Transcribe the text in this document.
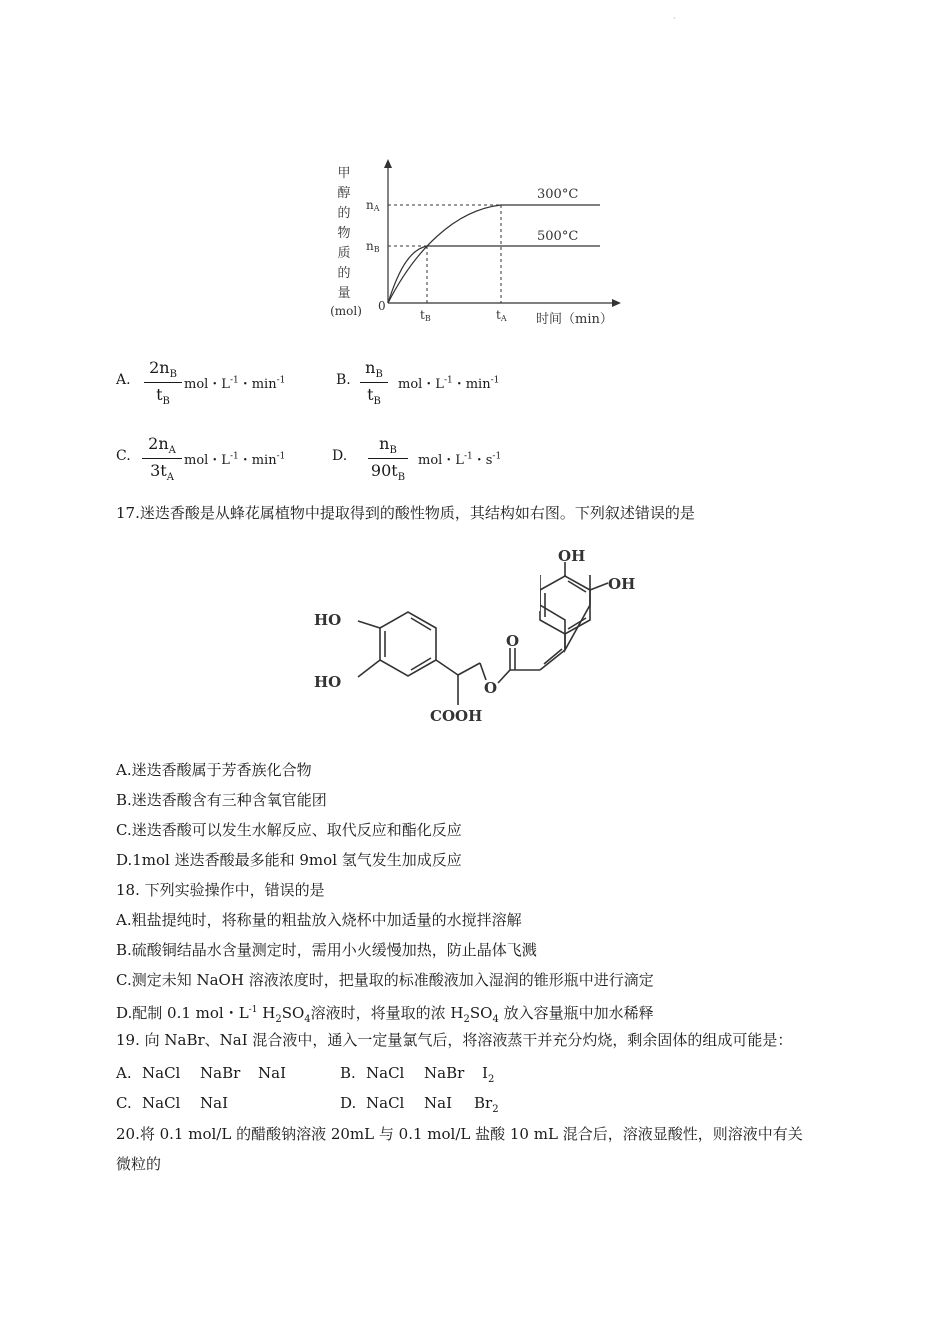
·
甲
醇
的
物
质
的
量
(mol) 0
nA
nB
300°C
500°C
tB	tA 时间（min）
A.
$2n_B$
$t_B$
mol・$L^{-1}$・$\min^{-1}$	B.
$n_B$
$t_B$
mol・$L^{-1}$・$\min^{-1}$
C.
$2n_A$
$3t_A$
mol・$L^{-1}$・$\min^{-1}$	D.
$n_B$
$90t_B$
mol・$L^{-1}$・$s^{-1}$
17.迷迭香酸是从蜂花属植物中提取得到的酸性物质，其结构如右图。下列叙述错误的是
HO
HO
COOH
O
O
OH
OH
A.迷迭香酸属于芳香族化合物
B.迷迭香酸含有三种含氧官能团
C.迷迭香酸可以发生水解反应、取代反应和酯化反应
D.1mol 迷迭香酸最多能和 9mol 氢气发生加成反应
18. 下列实验操作中，错误的是
A.粗盐提纯时，将称量的粗盐放入烧杯中加适量的水搅拌溶解
B.硫酸铜结晶水含量测定时，需用小火缓慢加热，防止晶体飞溅
C.测定未知 NaOH 溶液浓度时，把量取的标准酸液加入湿润的锥形瓶中进行滴定
D.配制 0.1 mol・$L^{-1}$ $H_2SO_4$溶液时，将量取的浓 $H_2SO_4$ 放入容量瓶中加水稀释
19. 向 NaBr、NaI 混合液中，通入一定量氯气后，将溶液蒸干并充分灼烧，剩余固体的组成可能是：
A. NaCl NaBr NaI	B. NaCl NaBr $I_2$
C. NaCl NaI	D. NaCl NaI $Br_2$
20.将 0.1 mol/L 的醋酸钠溶液 20mL 与 0.1 mol/L 盐酸 10 mL 混合后，溶液显酸性，则溶液中有关
微粒的
